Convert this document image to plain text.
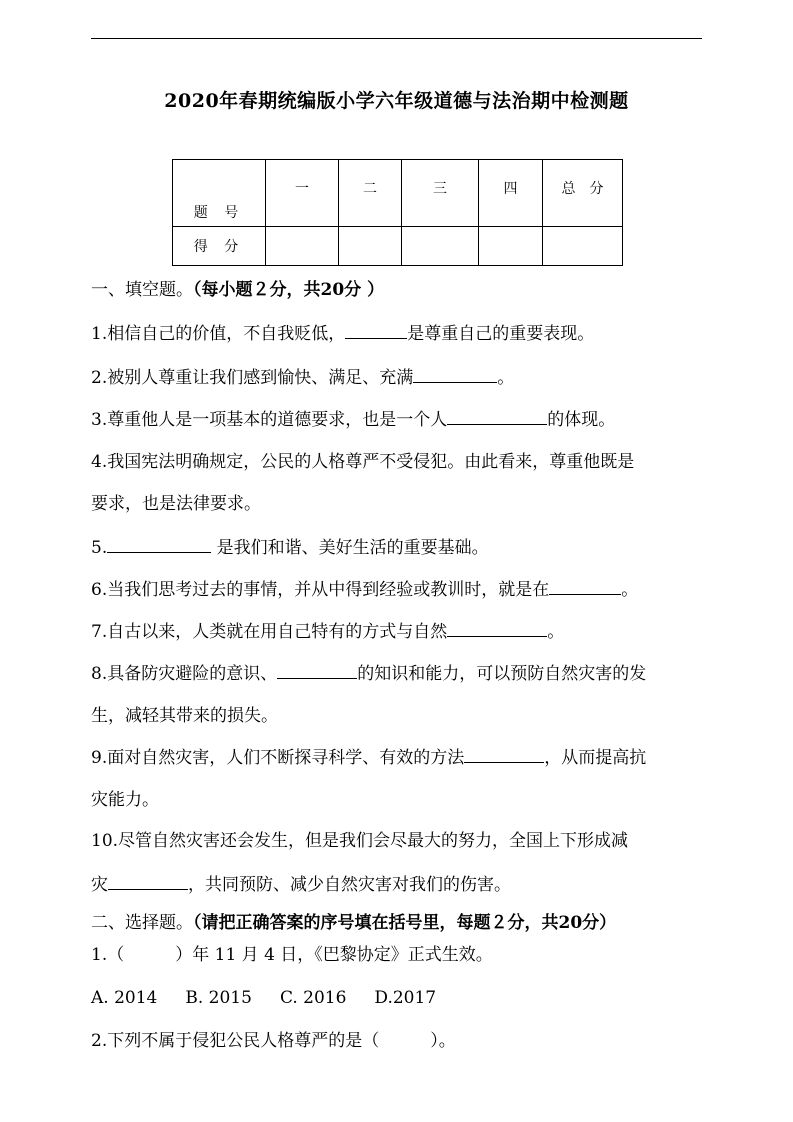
2020年春期统编版小学六年级道德与法治期中检测题
题 号	一	二	三	四	总　分
得 分					
一、填空题。（每小题２分，共20分 ）
1.相信自己的价值，不自我贬低，	是尊重自己的重要表现。
2.被别人尊重让我们感到愉快、满足、充满	。
3.尊重他人是一项基本的道德要求，也是一个人	的体现。
4.我国宪法明确规定，公民的人格尊严不受侵犯。由此看来，尊重他既是
要求，也是法律要求。
5.	是我们和谐、美好生活的重要基础。
6.当我们思考过去的事情，并从中得到经验或教训时，就是在	。
7.自古以来，人类就在用自己特有的方式与自然	。
8.具备防灾避险的意识、	的知识和能力，可以预防自然灾害的发
生，减轻其带来的损失。
9.面对自然灾害，人们不断探寻科学、有效的方法	，从而提高抗
灾能力。
10.尽管自然灾害还会发生，但是我们会尽最大的努力，全国上下形成减
灾	，共同预防、减少自然灾害对我们的伤害。
二、选择题。（请把正确答案的序号填在括号里，每题２分，共20分）
1.（　　　）年 11 月 4 日，《巴黎协定》正式生效。
A. 2014 B. 2015 C. 2016 D.2017
2.下列不属于侵犯公民人格尊严的是（　　　）。
